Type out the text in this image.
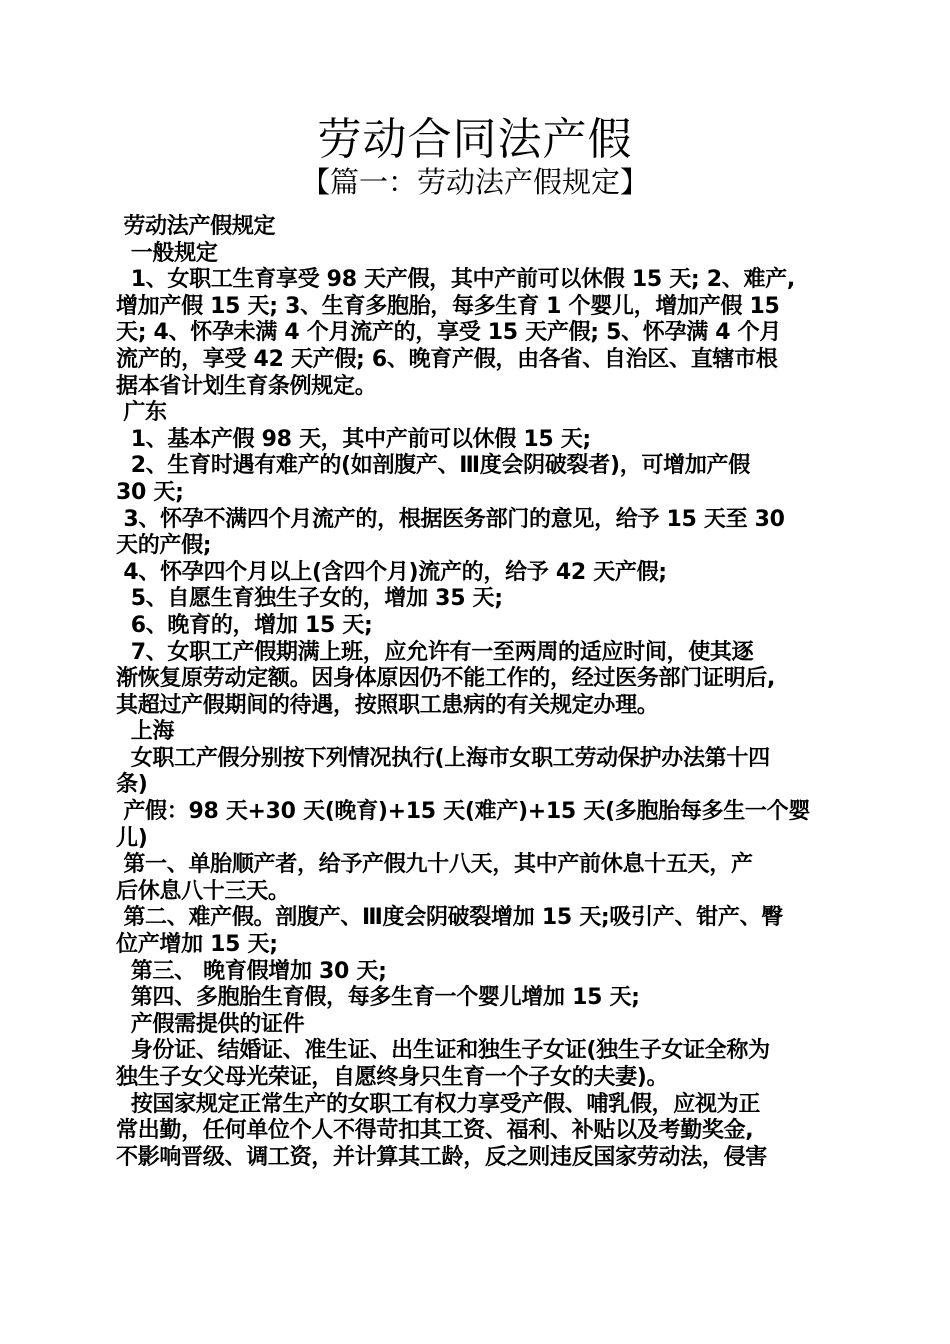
劳动合同法产假
【篇一：劳动法产假规定】
劳动法产假规定
一般规定
1、女职工生育享受 98 天产假，其中产前可以休假 15 天; 2、难产,
增加产假 15 天; 3、生育多胞胎，每多生育 1 个婴儿，增加产假 15
天; 4、怀孕未满 4 个月流产的，享受 15 天产假; 5、怀孕满 4 个月
流产的，享受 42 天产假; 6、晚育产假，由各省、自治区、直辖市根
据本省计划生育条例规定。
广东
1、基本产假 98 天，其中产前可以休假 15 天;
2、生育时遇有难产的(如剖腹产、Ⅲ度会阴破裂者)，可增加产假
30 天;
3、怀孕不满四个月流产的，根据医务部门的意见，给予 15 天至 30
天的产假;
4、怀孕四个月以上(含四个月)流产的，给予 42 天产假;
5、自愿生育独生子女的，增加 35 天;
6、晚育的，增加 15 天;
7、女职工产假期满上班，应允许有一至两周的适应时间，使其逐
渐恢复原劳动定额。因身体原因仍不能工作的，经过医务部门证明后,
其超过产假期间的待遇，按照职工患病的有关规定办理。
上海
女职工产假分别按下列情况执行(上海市女职工劳动保护办法第十四
条)
产假：98 天+30 天(晚育)+15 天(难产)+15 天(多胞胎每多生一个婴
儿)
第一、单胎顺产者，给予产假九十八天，其中产前休息十五天，产
后休息八十三天。
第二、难产假。剖腹产、Ⅲ度会阴破裂增加 15 天;吸引产、钳产、臀
位产增加 15 天;
第三、 晚育假增加 30 天;
第四、多胞胎生育假，每多生育一个婴儿增加 15 天;
产假需提供的证件
身份证、结婚证、准生证、出生证和独生子女证(独生子女证全称为
独生子女父母光荣证，自愿终身只生育一个子女的夫妻)。
按国家规定正常生产的女职工有权力享受产假、哺乳假，应视为正
常出勤，任何单位个人不得苛扣其工资、福利、补贴以及考勤奖金,
不影响晋级、调工资，并计算其工龄，反之则违反国家劳动法，侵害
